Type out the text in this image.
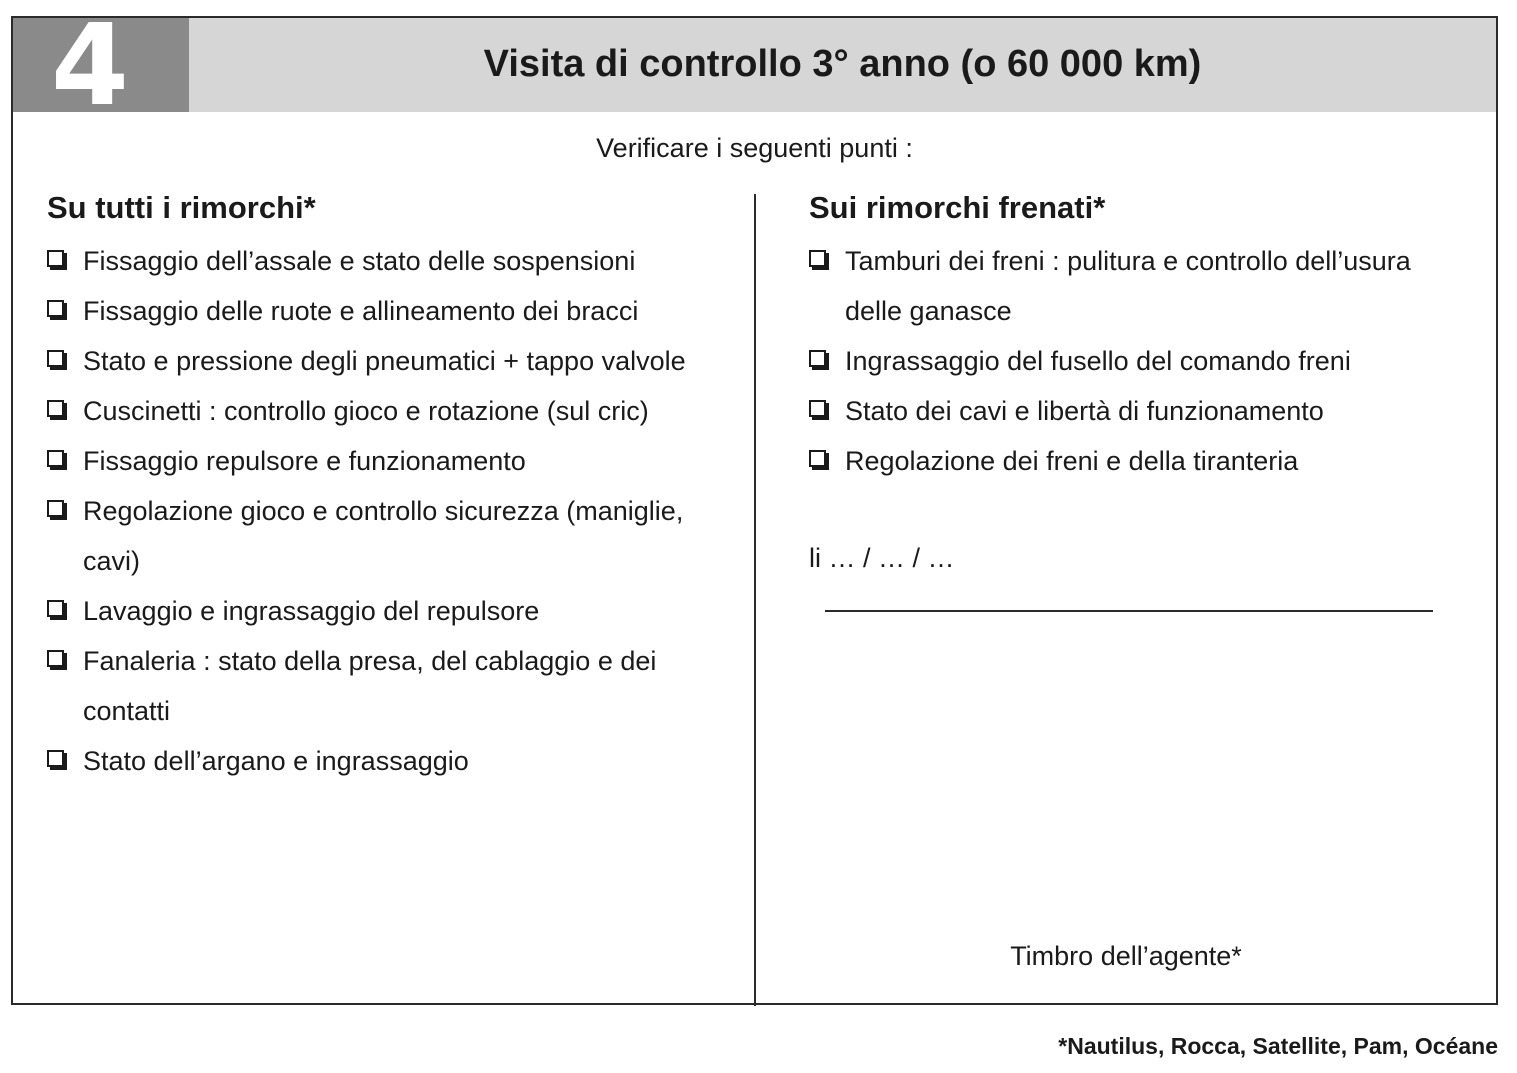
4	Visita di controllo 3° anno (o 60 000 km)
Verificare i seguenti punti :
Su tutti i rimorchi*
Fissaggio dell’assale e stato delle sospensioni
Fissaggio delle ruote e allineamento dei bracci
Stato e pressione degli pneumatici + tappo valvole
Cuscinetti : controllo gioco e rotazione (sul cric)
Fissaggio repulsore e funzionamento
Regolazione gioco e controllo sicurezza (maniglie, cavi)
Lavaggio e ingrassaggio del repulsore
Fanaleria : stato della presa, del cablaggio e dei contatti
Stato dell’argano e ingrassaggio
Sui rimorchi frenati*
Tamburi dei freni : pulitura e controllo dell’usura delle ganasce
Ingrassaggio del fusello del comando freni
Stato dei cavi e libertà di funzionamento
Regolazione dei freni e della tiranteria
li … / … / …
Timbro dell’agente*
*Nautilus, Rocca, Satellite, Pam, Océane
